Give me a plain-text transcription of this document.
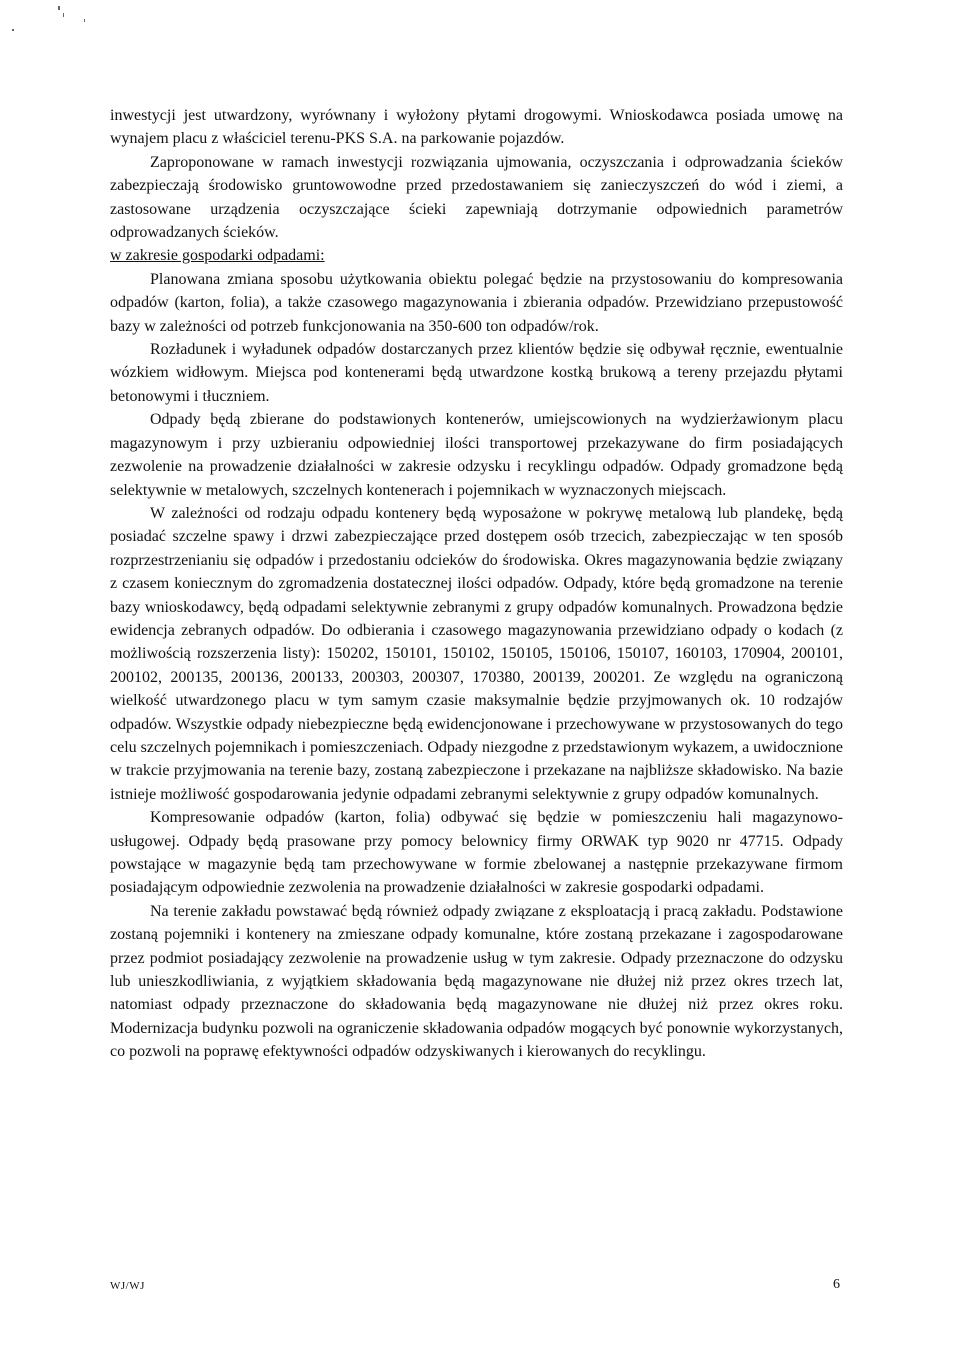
inwestycji jest utwardzony, wyrównany i wyłożony płytami drogowymi. Wnioskodawca posiada umowę na wynajem placu z właściciel terenu-PKS S.A. na parkowanie pojazdów.

Zaproponowane w ramach inwestycji rozwiązania ujmowania, oczyszczania i odprowadzania ścieków zabezpieczają środowisko gruntowowodne przed przedostawaniem się zanieczyszczeń do wód i ziemi, a zastosowane urządzenia oczyszczające ścieki zapewniają dotrzymanie odpowiednich parametrów odprowadzanych ścieków.

w zakresie gospodarki odpadami:

Planowana zmiana sposobu użytkowania obiektu polegać będzie na przystosowaniu do kompresowania odpadów (karton, folia), a także czasowego magazynowania i zbierania odpadów. Przewidziano przepustowość bazy w zależności od potrzeb funkcjonowania na 350-600 ton odpadów/rok.

Rozładunek i wyładunek odpadów dostarczanych przez klientów będzie się odbywał ręcznie, ewentualnie wózkiem widłowym. Miejsca pod kontenerami będą utwardzone kostką brukową a tereny przejazdu płytami betonowymi i tłuczniem.

Odpady będą zbierane do podstawionych kontenerów, umiejscowionych na wydzierżawionym placu magazynowym i przy uzbieraniu odpowiedniej ilości transportowej przekazywane do firm posiadających zezwolenie na prowadzenie działalności w zakresie odzysku i recyklingu odpadów. Odpady gromadzone będą selektywnie w metalowych, szczelnych kontenerach i pojemnikach w wyznaczonych miejscach.

W zależności od rodzaju odpadu kontenery będą wyposażone w pokrywę metalową lub plandekę, będą posiadać szczelne spawy i drzwi zabezpieczające przed dostępem osób trzecich, zabezpieczając w ten sposób rozprzestrzenianiu się odpadów i przedostaniu odcieków do środowiska. Okres magazynowania będzie związany z czasem koniecznym do zgromadzenia dostatecznej ilości odpadów. Odpady, które będą gromadzone na terenie bazy wnioskodawcy, będą odpadami selektywnie zebranymi z grupy odpadów komunalnych. Prowadzona będzie ewidencja zebranych odpadów. Do odbierania i czasowego magazynowania przewidziano odpady o kodach (z możliwością rozszerzenia listy): 150202, 150101, 150102, 150105, 150106, 150107, 160103, 170904, 200101, 200102, 200135, 200136, 200133, 200303, 200307, 170380, 200139, 200201. Ze względu na ograniczoną wielkość utwardzonego placu w tym samym czasie maksymalnie będzie przyjmowanych ok. 10 rodzajów odpadów. Wszystkie odpady niebezpieczne będą ewidencjonowane i przechowywane w przystosowanych do tego celu szczelnych pojemnikach i pomieszczeniach. Odpady niezgodne z przedstawionym wykazem, a uwidocznione w trakcie przyjmowania na terenie bazy, zostaną zabezpieczone i przekazane na najbliższe składowisko. Na bazie istnieje możliwość gospodarowania jedynie odpadami zebranymi selektywnie z grupy odpadów komunalnych.

Kompresowanie odpadów (karton, folia) odbywać się będzie w pomieszczeniu hali magazynowo-usługowej. Odpady będą prasowane przy pomocy belownicy firmy ORWAK typ 9020 nr 47715. Odpady powstające w magazynie będą tam przechowywane w formie zbelowanej a następnie przekazywane firmom posiadającym odpowiednie zezwolenia na prowadzenie działalności w zakresie gospodarki odpadami.

Na terenie zakładu powstawać będą również odpady związane z eksploatacją i pracą zakładu. Podstawione zostaną pojemniki i kontenery na zmieszane odpady komunalne, które zostaną przekazane i zagospodarowane przez podmiot posiadający zezwolenie na prowadzenie usług w tym zakresie. Odpady przeznaczone do odzysku lub unieszkodliwiania, z wyjątkiem składowania będą magazynowane nie dłużej niż przez okres trzech lat, natomiast odpady przeznaczone do składowania będą magazynowane nie dłużej niż przez okres roku. Modernizacja budynku pozwoli na ograniczenie składowania odpadów mogących być ponownie wykorzystanych, co pozwoli na poprawę efektywności odpadów odzyskiwanych i kierowanych do recyklingu.

WJ/WJ	6
